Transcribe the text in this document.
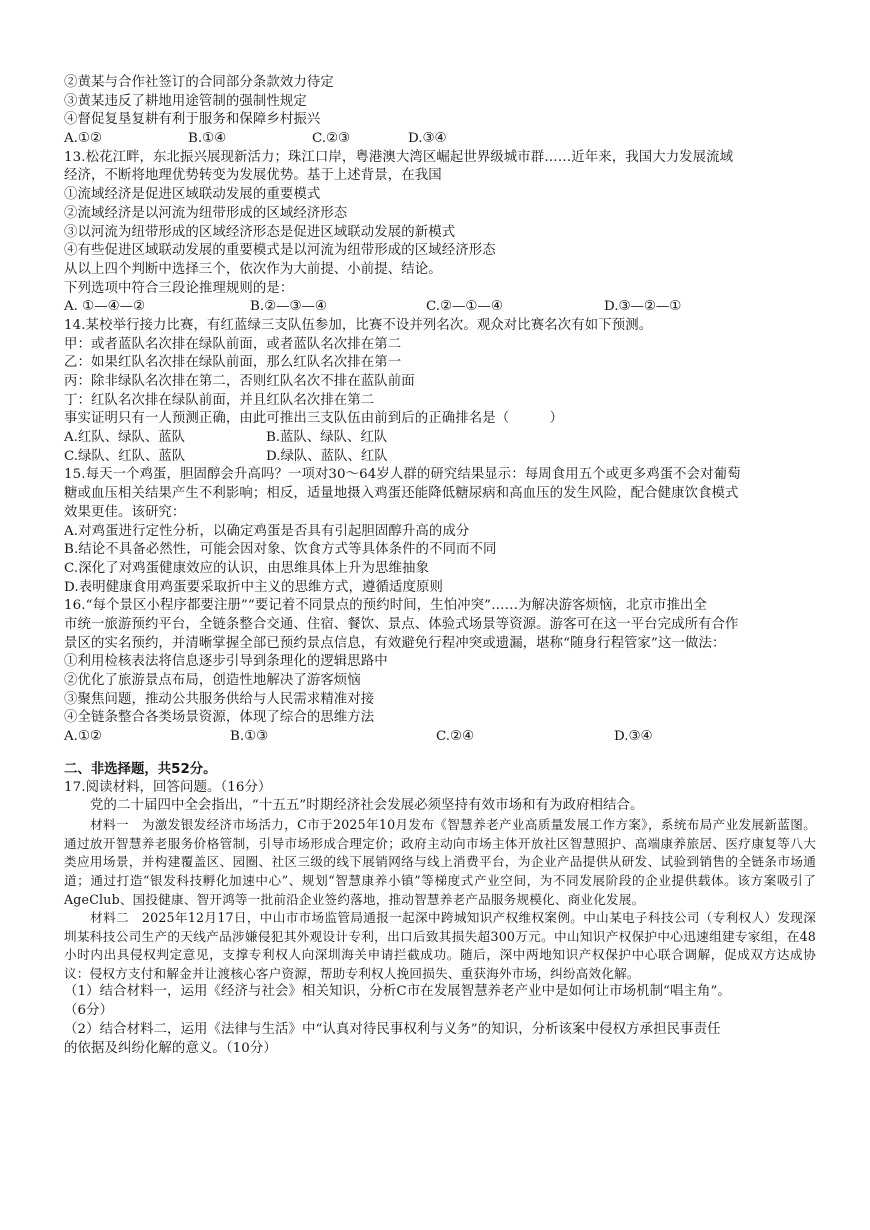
②黄某与合作社签订的合同部分条款效力待定
③黄某违反了耕地用途管制的强制性规定
④督促复垦复耕有利于服务和保障乡村振兴
A.①②	B.①④	C.②③	D.③④
13.松花江畔，东北振兴展现新活力；珠江口岸，粤港澳大湾区崛起世界级城市群……近年来，我国大力发展流域
经济，不断将地理优势转变为发展优势。基于上述背景，在我国
①流域经济是促进区域联动发展的重要模式
②流域经济是以河流为纽带形成的区域经济形态
③以河流为纽带形成的区域经济形态是促进区域联动发展的新模式
④有些促进区域联动发展的重要模式是以河流为纽带形成的区域经济形态
从以上四个判断中选择三个，依次作为大前提、小前提、结论。
下列选项中符合三段论推理规则的是：
A. ①—④—②	B.②—③—④	C.②—①—④	D.③—②—①
14.某校举行接力比赛，有红蓝绿三支队伍参加，比赛不设并列名次。观众对比赛名次有如下预测。
甲：或者蓝队名次排在绿队前面，或者蓝队名次排在第二
乙：如果红队名次排在绿队前面，那么红队名次排在第一
丙：除非绿队名次排在第二，否则红队名次不排在蓝队前面
丁：红队名次排在绿队前面，并且红队名次排在第二
事实证明只有一人预测正确，由此可推出三支队伍由前到后的正确排名是（　　　）
A.红队、绿队、蓝队	B.蓝队、绿队、红队
C.绿队、红队、蓝队	D.绿队、蓝队、红队
15.每天一个鸡蛋，胆固醇会升高吗？一项对30～64岁人群的研究结果显示：每周食用五个或更多鸡蛋不会对葡萄
糖或血压相关结果产生不利影响；相反，适量地摄入鸡蛋还能降低糖尿病和高血压的发生风险，配合健康饮食模式
效果更佳。该研究：
A.对鸡蛋进行定性分析，以确定鸡蛋是否具有引起胆固醇升高的成分
B.结论不具备必然性，可能会因对象、饮食方式等具体条件的不同而不同
C.深化了对鸡蛋健康效应的认识，由思维具体上升为思维抽象
D.表明健康食用鸡蛋要采取折中主义的思维方式，遵循适度原则
16.“每个景区小程序都要注册”“要记着不同景点的预约时间，生怕冲突”……为解决游客烦恼，北京市推出全
市统一旅游预约平台，全链条整合交通、住宿、餐饮、景点、体验式场景等资源。游客可在这一平台完成所有合作
景区的实名预约，并清晰掌握全部已预约景点信息，有效避免行程冲突或遗漏，堪称“随身行程管家”这一做法：
①利用检核表法将信息逐步引导到条理化的逻辑思路中
②优化了旅游景点布局，创造性地解决了游客烦恼
③聚焦问题，推动公共服务供给与人民需求精准对接
④全链条整合各类场景资源，体现了综合的思维方法
A.①②	B.①③	C.②④	D.③④
二、非选择题，共52分。
17.阅读材料，回答问题。（16分）
党的二十届四中全会指出，“十五五”时期经济社会发展必须坚持有效市场和有为政府相结合。
材料一　为激发银发经济市场活力，C市于2025年10月发布《智慧养老产业高质量发展工作方案》，系统布局产业发展新蓝图。通过放开智慧养老服务价格管制，引导市场形成合理定价；政府主动向市场主体开放社区智慧照护、高端康养旅居、医疗康复等八大类应用场景，并构建覆盖区、园圈、社区三级的线下展销网络与线上消费平台，为企业产品提供从研发、试验到销售的全链条市场通道；通过打造“银发科技孵化加速中心”、规划“智慧康养小镇”等梯度式产业空间，为不同发展阶段的企业提供载体。该方案吸引了AgeClub、国投健康、智开鸿等一批前沿企业签约落地，推动智慧养老产品服务规模化、商业化发展。
材料二　2025年12月17日，中山市市场监管局通报一起深中跨城知识产权维权案例。中山某电子科技公司（专利权人）发现深圳某科技公司生产的天线产品涉嫌侵犯其外观设计专利，出口后致其损失超300万元。中山知识产权保护中心迅速组建专家组，在48小时内出具侵权判定意见，支撑专利权人向深圳海关申请拦截成功。随后，深中两地知识产权保护中心联合调解，促成双方达成协议：侵权方支付和解金并让渡核心客户资源，帮助专利权人挽回损失、重获海外市场，纠纷高效化解。
（1）结合材料一，运用《经济与社会》相关知识，分析C市在发展智慧养老产业中是如何让市场机制“唱主角”。
（6分）
（2）结合材料二，运用《法律与生活》中“认真对待民事权利与义务”的知识，分析该案中侵权方承担民事责任
的依据及纠纷化解的意义。（10分）
